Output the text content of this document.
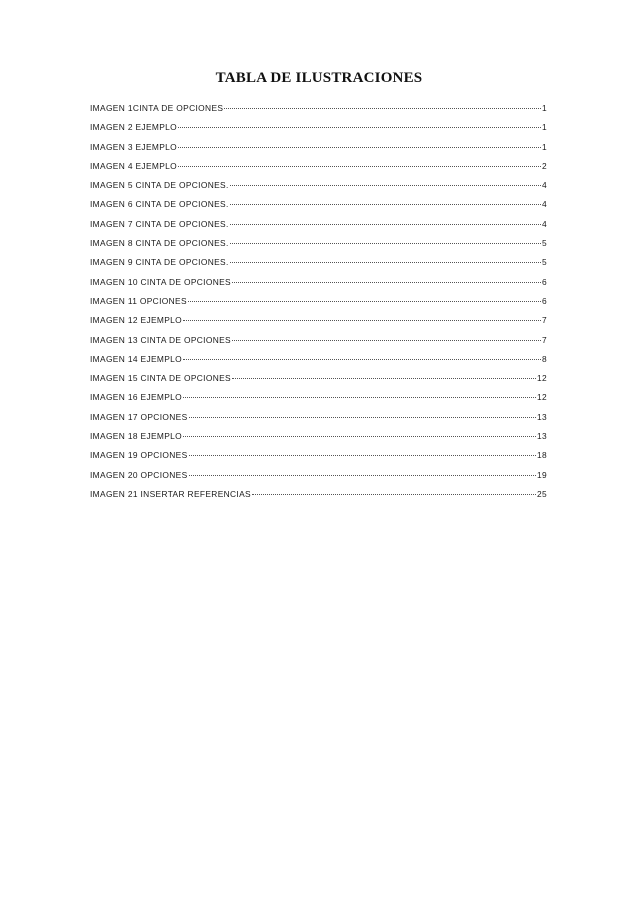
TABLA DE ILUSTRACIONES
IMAGEN 1CINTA DE OPCIONES	1
IMAGEN 2 EJEMPLO	1
IMAGEN 3 EJEMPLO	1
IMAGEN 4 EJEMPLO	2
IMAGEN 5 CINTA DE OPCIONES.	4
IMAGEN 6 CINTA DE OPCIONES.	4
IMAGEN 7 CINTA DE OPCIONES.	4
IMAGEN 8 CINTA DE OPCIONES.	5
IMAGEN 9 CINTA DE OPCIONES.	5
IMAGEN 10 CINTA DE OPCIONES	6
IMAGEN 11 OPCIONES	6
IMAGEN 12 EJEMPLO	7
IMAGEN 13 CINTA DE OPCIONES	7
IMAGEN 14 EJEMPLO	8
IMAGEN 15 CINTA DE OPCIONES	12
IMAGEN 16 EJEMPLO	12
IMAGEN 17 OPCIONES	13
IMAGEN 18 EJEMPLO	13
IMAGEN 19 OPCIONES	18
IMAGEN 20 OPCIONES	19
IMAGEN 21 INSERTAR REFERENCIAS	25
